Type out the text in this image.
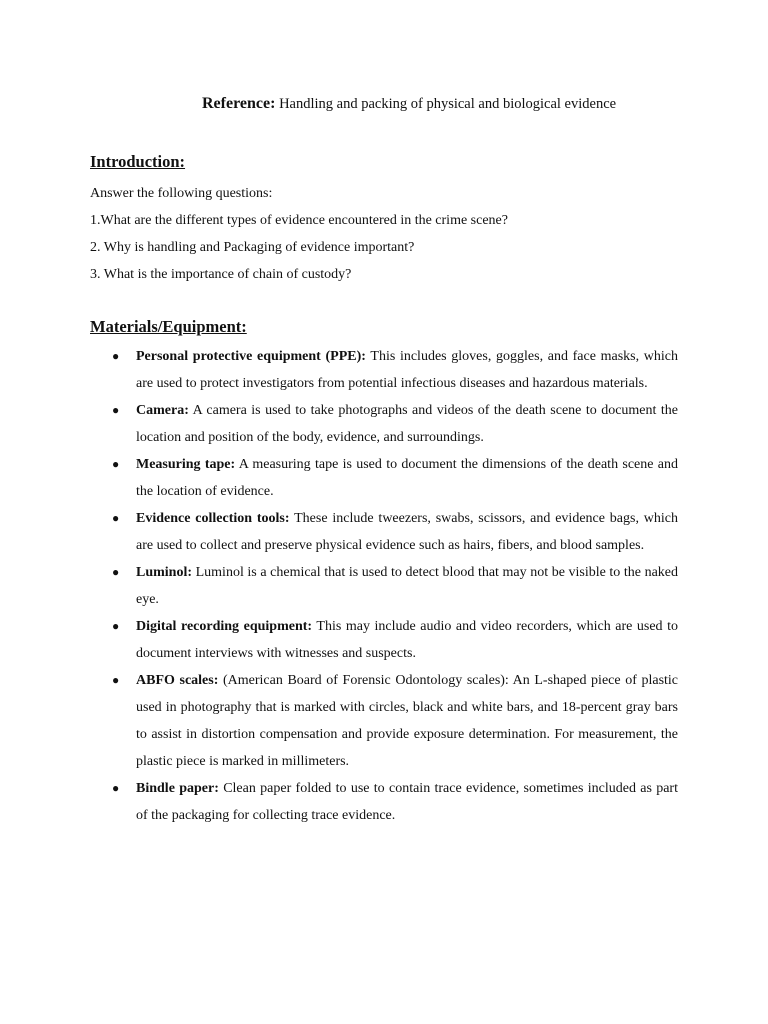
Reference: Handling and packing of physical and biological evidence
Introduction:
Answer the following questions:
1.What are the different types of evidence encountered in the crime scene?
2. Why is handling and Packaging of evidence important?
3. What is the importance of chain of custody?
Materials/Equipment:
● Personal protective equipment (PPE): This includes gloves, goggles, and face masks, which are used to protect investigators from potential infectious diseases and hazardous materials.
● Camera: A camera is used to take photographs and videos of the death scene to document the location and position of the body, evidence, and surroundings.
● Measuring tape: A measuring tape is used to document the dimensions of the death scene and the location of evidence.
● Evidence collection tools: These include tweezers, swabs, scissors, and evidence bags, which are used to collect and preserve physical evidence such as hairs, fibers, and blood samples.
● Luminol: Luminol is a chemical that is used to detect blood that may not be visible to the naked eye.
● Digital recording equipment: This may include audio and video recorders, which are used to document interviews with witnesses and suspects.
● ABFO scales: (American Board of Forensic Odontology scales): An L-shaped piece of plastic used in photography that is marked with circles, black and white bars, and 18-percent gray bars to assist in distortion compensation and provide exposure determination. For measurement, the plastic piece is marked in millimeters.
● Bindle paper: Clean paper folded to use to contain trace evidence, sometimes included as part of the packaging for collecting trace evidence.
